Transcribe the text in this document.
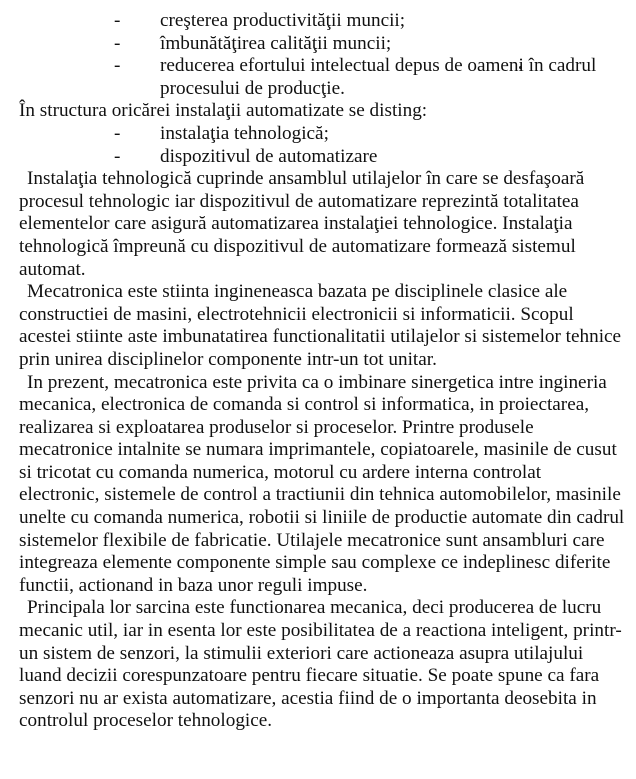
- creşterea productivităţii muncii;
- îmbunătăţirea calităţii muncii;
- reducerea efortului intelectual depus de oameni în cadrul procesului de producţie.

În structura oricărei instalaţii automatizate se disting:

- instalaţia tehnologică;
- dispozitivul de automatizare

Instalaţia tehnologică cuprinde ansamblul utilajelor în care se desfaşoară procesul tehnologic iar dispozitivul de automatizare reprezintă totalitatea elementelor care asigură automatizarea instalaţiei tehnologice. Instalaţia tehnologică împreună cu dispozitivul de automatizare formează sistemul automat.

Mecatronica este stiinta ingineneasca bazata pe disciplinele clasice ale constructiei de masini, electrotehnicii electronicii si informaticii. Scopul acestei stiinte aste imbunatatirea functionalitatii utilajelor si sistemelor tehnice prin unirea disciplinelor componente intr-un tot unitar.

In prezent, mecatronica este privita ca o imbinare sinergetica intre ingineria mecanica, electronica de comanda si control si informatica, in proiectarea, realizarea si exploatarea produselor si proceselor. Printre produsele mecatronice intalnite se numara imprimantele, copiatoarele, masinile de cusut si tricotat cu comanda numerica, motorul cu ardere interna controlat electronic, sistemele de control a tractiunii din tehnica automobilelor, masinile unelte cu comanda numerica, robotii si liniile de productie automate din cadrul sistemelor flexibile de fabricatie. Utilajele mecatronice sunt ansambluri care integreaza elemente componente simple sau complexe ce indeplinesc diferite functii, actionand in baza unor reguli impuse.

Principala lor sarcina este functionarea mecanica, deci producerea de lucru mecanic util, iar in esenta lor este posibilitatea de a reactiona inteligent, printr-un sistem de senzori, la stimulii exteriori care actioneaza asupra utilajului luand decizii corespunzatoare pentru fiecare situatie. Se poate spune ca fara senzori nu ar exista automatizare, acestia fiind de o importanta deosebita in controlul proceselor tehnologice.
